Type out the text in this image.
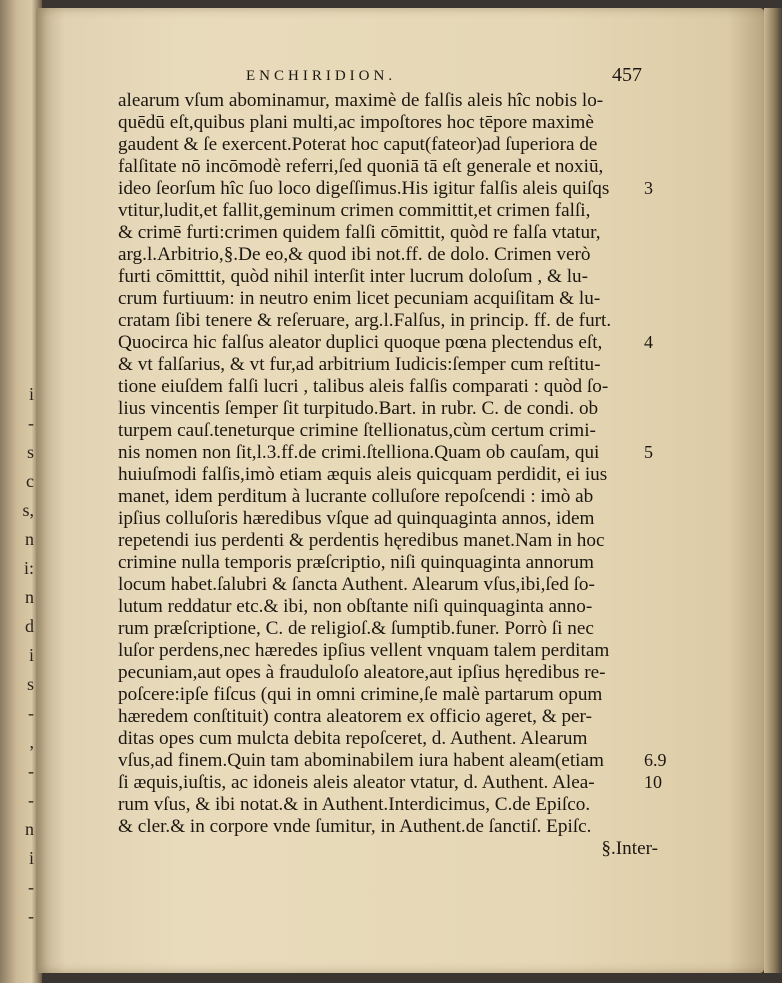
i
-
s
c
s,
n
i:
n
d
i
s
-
,
-
-
n
i
-
-
ENCHIRIDION.	457
alearum vſum abominamur, maximè de falſis aleis hîc nobis lo-
quēdū eſt,quibus plani multi,ac impoſtores hoc tēpore maximè
gaudent & ſe exercent.Poterat hoc caput(fateor)ad ſuperiora de
falſitate nō incōmodè referri,ſed quoniā tā eſt generale et noxiū,
ideo ſeorſum hîc ſuo loco digeſſimus.His igitur falſis aleis quiſqs
vtitur,ludit,et fallit,geminum crimen committit,et crimen falſi,
& crimē furti:crimen quidem falſi cōmittit, quòd re falſa vtatur,
arg.l.Arbitrio,§.De eo,& quod ibi not.ff. de dolo. Crimen verò
furti cōmitttit, quòd nihil interſit inter lucrum doloſum , & lu-
crum furtiuum: in neutro enim licet pecuniam acquiſitam & lu-
cratam ſibi tenere & reſeruare, arg.l.Falſus, in princip. ff. de furt.
Quocirca hic falſus aleator duplici quoque pœna plectendus eſt,
& vt falſarius, & vt fur,ad arbitrium Iudicis:ſemper cum reſtitu-
tione eiuſdem falſi lucri , talibus aleis falſis comparati : quòd ſo-
lius vincentis ſemper ſit turpitudo.Bart. in rubr. C. de condi. ob
turpem cauſ.teneturque crimine ſtellionatus,cùm certum crimi-
nis nomen non ſit,l.3.ff.de crimi.ſtelliona.Quam ob cauſam, qui
huiuſmodi falſis,imò etiam æquis aleis quicquam perdidit, ei ius
manet, idem perditum à lucrante colluſore repoſcendi : imò ab
ipſius colluſoris hæredibus vſque ad quinquaginta annos, idem
repetendi ius perdenti & perdentis hęredibus manet.Nam in hoc
crimine nulla temporis præſcriptio, niſi quinquaginta annorum
locum habet.ſalubri & ſancta Authent. Alearum vſus,ibi,ſed ſo-
lutum reddatur etc.& ibi, non obſtante niſi quinquaginta anno-
rum præſcriptione, C. de religioſ.& ſumptib.funer. Porrò ſi nec
luſor perdens,nec hæredes ipſius vellent vnquam talem perditam
pecuniam,aut opes à frauduloſo aleatore,aut ipſius hęredibus re-
poſcere:ipſe fiſcus (qui in omni crimine,ſe malè partarum opum
hæredem conſtituit) contra aleatorem ex officio ageret, & per-
ditas opes cum mulcta debita repoſceret, d. Authent. Alearum
vſus,ad finem.Quin tam abominabilem iura habent aleam(etiam
ſi æquis,iuſtis, ac idoneis aleis aleator vtatur, d. Authent. Alea-
rum vſus, & ibi notat.& in Authent.Interdicimus, C.de Epiſco.
& cler.& in corpore vnde ſumitur, in Authent.de ſanctiſ. Epiſc.
§.Inter-
3
4
5
6.9
10
